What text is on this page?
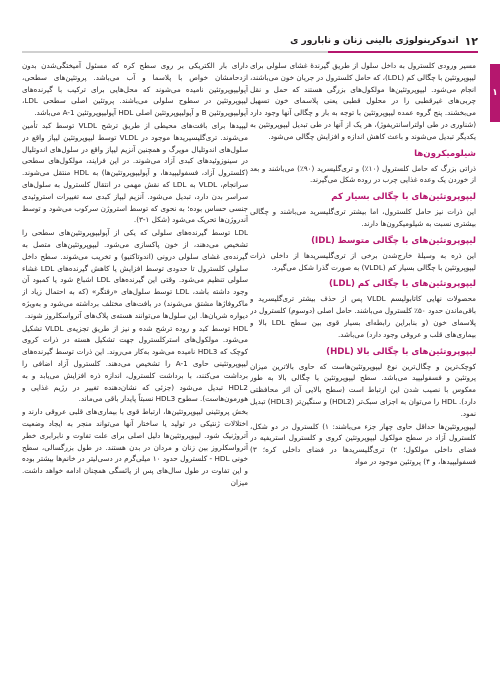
۱۲
اندوکرینولوژی بالینی زنان و نابارور ی
۱

مسیر ورودی کلسترول به داخل سلول از طریق گیرندهٔ غشای سلولی برای لیپوپروتئین با چگالی کم (LDL)، که حامل کلسترول در جریان خون می‌باشند، انجام می‌شود. لیپوپروتئین‌ها مولکول‌های بزرگی هستند که حمل و نقل چربی‌های غیرقطبی را در محلول قطبی یعنی پلاسمای خون تسهیل می‌بخشند. پنج گروه عمده لیپوپروتئین با توجه به بار و چگالی آنها وجود دارد (شناوری در طی اولتراسانتریفوژ)، هر یک از آنها در طی تبدیل لیپوپروتئین به یکدیگر تبدیل می‌شوند و باعث کاهش اندازه و افزایش چگالی می‌شود.

شیلومیکرون‌ها

ذراتی بزرگ که حامل کلسترول (۱۰٪) و تری‌گلیسرید (۹۰٪) می‌باشند و بعد از خوردن یک وعده غذایی چرب در روده شکل می‌گیرند.

لیپوپروتئین‌های با چگالی بسیار کم

این ذرات نیز حامل کلسترول، اما بیشتر تری‌گلیسرید می‌باشند و چگالی بیشتری نسبت به شیلومیکرون‌ها دارند.

لیپوپروتئین‌های با چگالی متوسط (IDL)

این ذره به وسیلهٔ خارج‌شدن برخی از تری‌گلیسریدها از داخلی ذرات لیپوپروتئین با چگالی بسیار کم (VLDL) به صورت گذرا شکل می‌گیرد.

لیپوپروتئین‌های با چگالی کم (LDL)

محصولات نهایی کاتابولیسم VLDL پس از حذف بیشتر تری‌گلیسرید و باقی‌ماندن حدود ۵۰٪ کلسترول می‌باشند. حامل اصلی (دوسوم) کلسترول در پلاسمای خون (و بنابراین رابطه‌ای بسیار قوی بین سطح LDL بالا و بیماری‌های قلب و عروقی وجود دارد) می‌باشد.

لیپوپروتئین‌های با چگالی بالا (HDL)

کوچک‌ترین و چگال‌ترین نوع لیپوپروتئین‌هاست که حاوی بالاترین میزان پروتئین و فسفولیپید می‌باشد. سطح لیپوپروتئین با چگالی بالا به طور معکوس با نصیب شدن این ارتباط است (سطح بالایی آن اثر محافظتی دارد). HDL را می‌توان به اجزای سبک‌تر (HDL2) و سنگین‌تر (HDL3) تبدیل نمود.

لیپوپروتئین‌ها حداقل حاوی چهار جزء می‌باشند: ۱) کلسترول در دو شکل، کلسترول آزاد در سطح مولکول لیپوپروتئین کروی و کلسترول استریفیه در فضای داخلی مولکول؛ ۲) تری‌گلیسریدها در فضای داخلی کره؛ ۳) فسفولیپیدها، و ۴) پروتئین موجود در مواد

دارای بار الکتریکی بر روی سطح کره که مسئول آمیختگی‌شدن بدون ازدحامشان خواص با پلاسما و آب می‌باشد. پروتئین‌های سطحی، آپولیپوپروتئین نامیده می‌شوند که محل‌هایی برای ترکیب با گیرنده‌های لیپوپروتئین در سطوح سلولی می‌باشند. پروتئین اصلی سطحی LDL، آپولیپوپروتئین B و آپولیپوپروتئین اصلی HDL آپولیپوپروتئین A-1 می‌باشد.

لیپیدها برای بافت‌های محیطی از طریق ترشح VLDL توسط کبد تأمین می‌شوند. تری‌گلیسیریدها موجود در VLDL توسط لیپوپروتئین لیپاز واقع در سلول‌های اندوتلیال مویرگ و همچنین آنزیم لیپاز واقع در سلول‌های اندوتلیال در سینوزوئیدهای کبدی آزاد می‌شوند. در این فرایند، مولکول‌های سطحی (کلسترول آزاد، فسفولیپیدها، و آپولیپوپروتئین‌ها) به HDL منتقل می‌شوند. سرانجام، VLDL به LDL که نقش مهمی در انتقال کلسترول به سلول‌های سراسر بدن دارد، تبدیل می‌شود. آنزیم لیپاز کبدی سه تغییرات استروئیدی جنسی حساس بوده؛ به نحوی که توسط استروژن سرکوب می‌شود و توسط آندروژن‌ها تحریک می‌شود (شکل ۱-۳).

LDL توسط گیرنده‌های سلولی که یکی از آپولیپوپروتئین‌های سطحی را تشخیص می‌دهند، از خون پاکسازی می‌شود. لیپوپروتئین‌های متصل به گیرنده‌ی غشای سلولی درونی (اندوتاکتیو) و تخریب می‌شوند. سطح داخل سلولی کلسترول تا حدودی توسط افزایش یا کاهش گیرنده‌های LDL غشاء سلولی تنظیم می‌شود. وقتی این گیرنده‌های LDL اشباع شود یا کمبود آن وجود داشته باشد، LDL توسط سلول‌های «رفتگر» (که به احتمال زیاد از ماکروفاژها مشتق می‌شوند) در بافت‌های مختلف برداشته می‌شود و به‌ویژه دیواره شریان‌ها. این سلول‌ها می‌توانند هسته‌ی پلاک‌های آترواسکلروز شوند.

HDL توسط کبد و روده ترشح شده و نیز از طریق تجزیه‌ی VLDL تشکیل می‌شود. مولکول‌های استرکلسترول جهت تشکیل هسته در ذرات کروی کوچک که HDL3 نامیده می‌شود به‌کار می‌روند. این ذرات توسط گیرنده‌های لیپوپروتئینی حاوی A-1 را تشخیص می‌دهند. کلسترول آزاد اضافی را برداشت می‌کنند، با برداشت کلسترول، اندازه ذره افزایش می‌یابد و به HDL2 تبدیل می‌شود (جزئی که نشان‌دهنده تغییر در رژیم غذایی و هورمون‌هاست). سطوح HDL3 نسبتاً پایدار باقی می‌ماند.

بخش پروتئینی لیپوپروتئین‌ها، ارتباط قوی با بیماری‌های قلبی عروقی دارند و اختلالات ژنتیکی در تولید یا ساختار آنها می‌تواند منجر به ایجاد وضعیت آتروژنیک شود. لیپوپروتئین‌ها دلیل اصلی برای علت تفاوت و نابرابری خطر آترواسکلروز بین زنان و مردان در بدن هستند. در طول بزرگسالی، سطح خونی HDL - کلسترول حدود ۱۰ میلی‌گرم در دسی‌لیتر در خانم‌ها بیشتر بوده و این تفاوت در طول سال‌های پس از یائسگی همچنان ادامه خواهد داشت. میزان
